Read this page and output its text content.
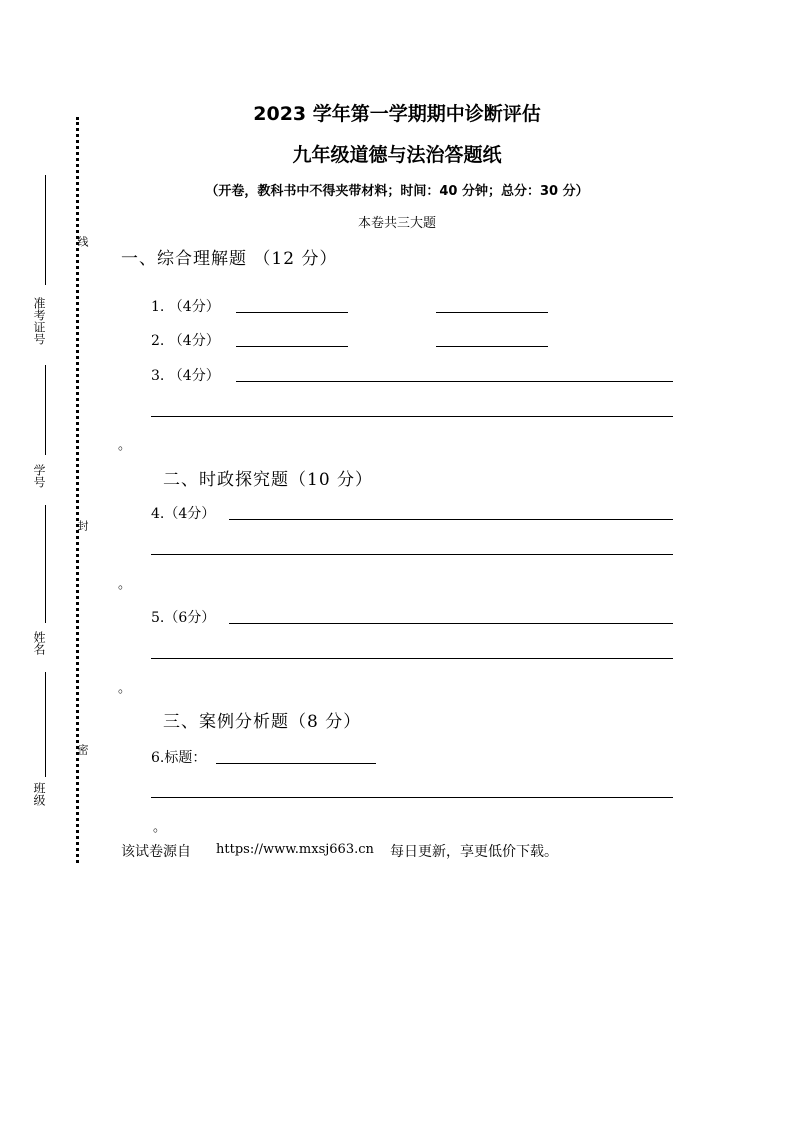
线
封
密
准考证号
学号
姓名
班级
2023 学年第一学期期中诊断评估
九年级道德与法治答题纸
（开卷，教科书中不得夹带材料；时间：40 分钟；总分：30 分）
本卷共三大题
一、综合理解题 （12 分）
1. （4分）
2. （4分）
3. （4分）
。
二、时政探究题（10 分）
4.（4分）
。
5.（6分）
。
三、案例分析题（8 分）
6.标题：
。
该试卷源自 https://www.mxsj663.cn 每日更新，享更低价下载。
